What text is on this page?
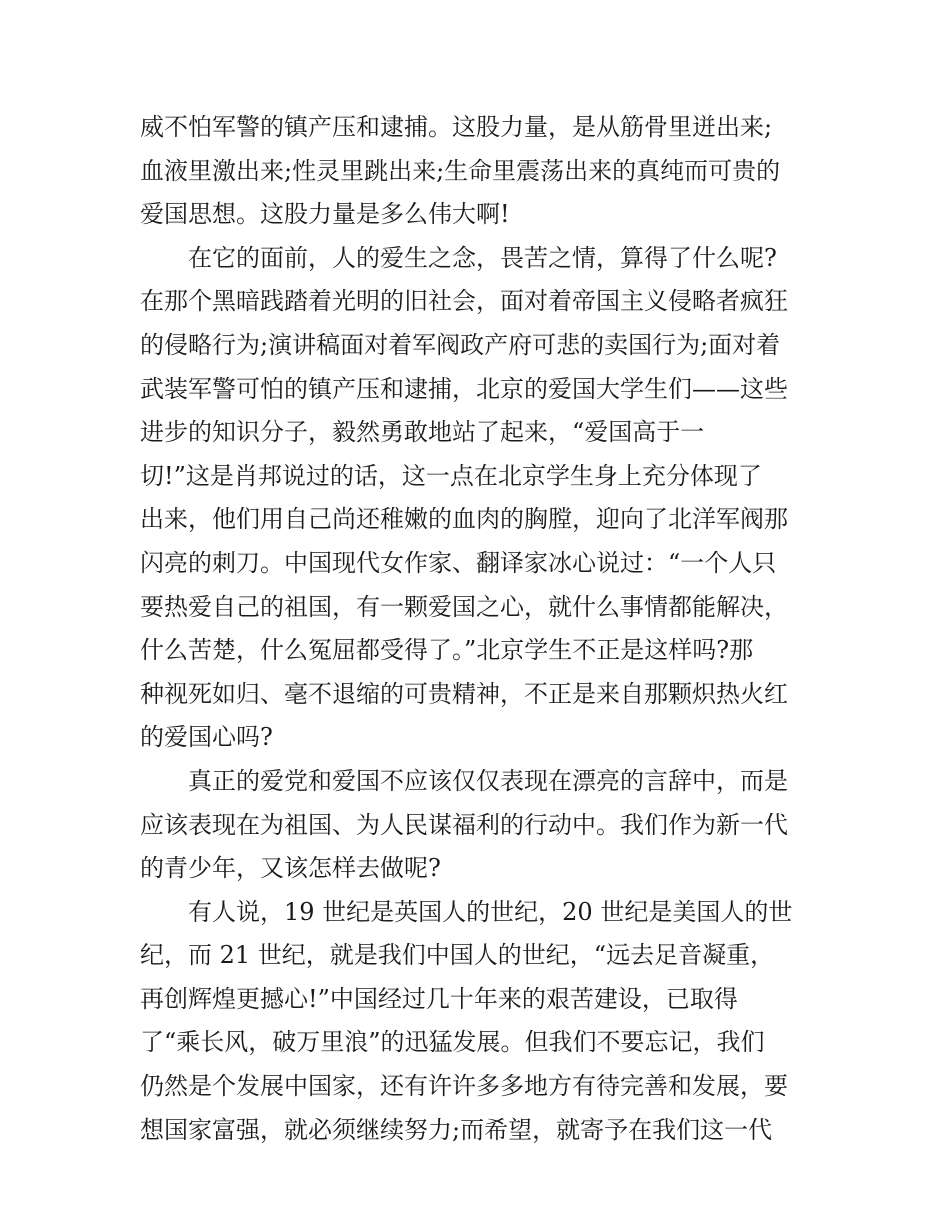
威不怕军警的镇产压和逮捕。这股力量，是从筋骨里迸出来;
血液里激出来;性灵里跳出来;生命里震荡出来的真纯而可贵的
爱国思想。这股力量是多么伟大啊!
　　在它的面前，人的爱生之念，畏苦之情，算得了什么呢?
在那个黑暗践踏着光明的旧社会，面对着帝国主义侵略者疯狂
的侵略行为;演讲稿面对着军阀政产府可悲的卖国行为;面对着
武装军警可怕的镇产压和逮捕，北京的爱国大学生们——这些
进步的知识分子，毅然勇敢地站了起来，“爱国高于一
切!”这是肖邦说过的话，这一点在北京学生身上充分体现了
出来，他们用自己尚还稚嫩的血肉的胸膛，迎向了北洋军阀那
闪亮的刺刀。中国现代女作家、翻译家冰心说过：“一个人只
要热爱自己的祖国，有一颗爱国之心，就什么事情都能解决，
什么苦楚，什么冤屈都受得了。”北京学生不正是这样吗?那
种视死如归、毫不退缩的可贵精神，不正是来自那颗炽热火红
的爱国心吗?
　　真正的爱党和爱国不应该仅仅表现在漂亮的言辞中，而是
应该表现在为祖国、为人民谋福利的行动中。我们作为新一代
的青少年，又该怎样去做呢?
　　有人说，19 世纪是英国人的世纪，20 世纪是美国人的世
纪，而 21 世纪，就是我们中国人的世纪，“远去足音凝重，
再创辉煌更撼心!”中国经过几十年来的艰苦建设，已取得
了“乘长风，破万里浪”的迅猛发展。但我们不要忘记，我们
仍然是个发展中国家，还有许许多多地方有待完善和发展，要
想国家富强，就必须继续努力;而希望，就寄予在我们这一代
